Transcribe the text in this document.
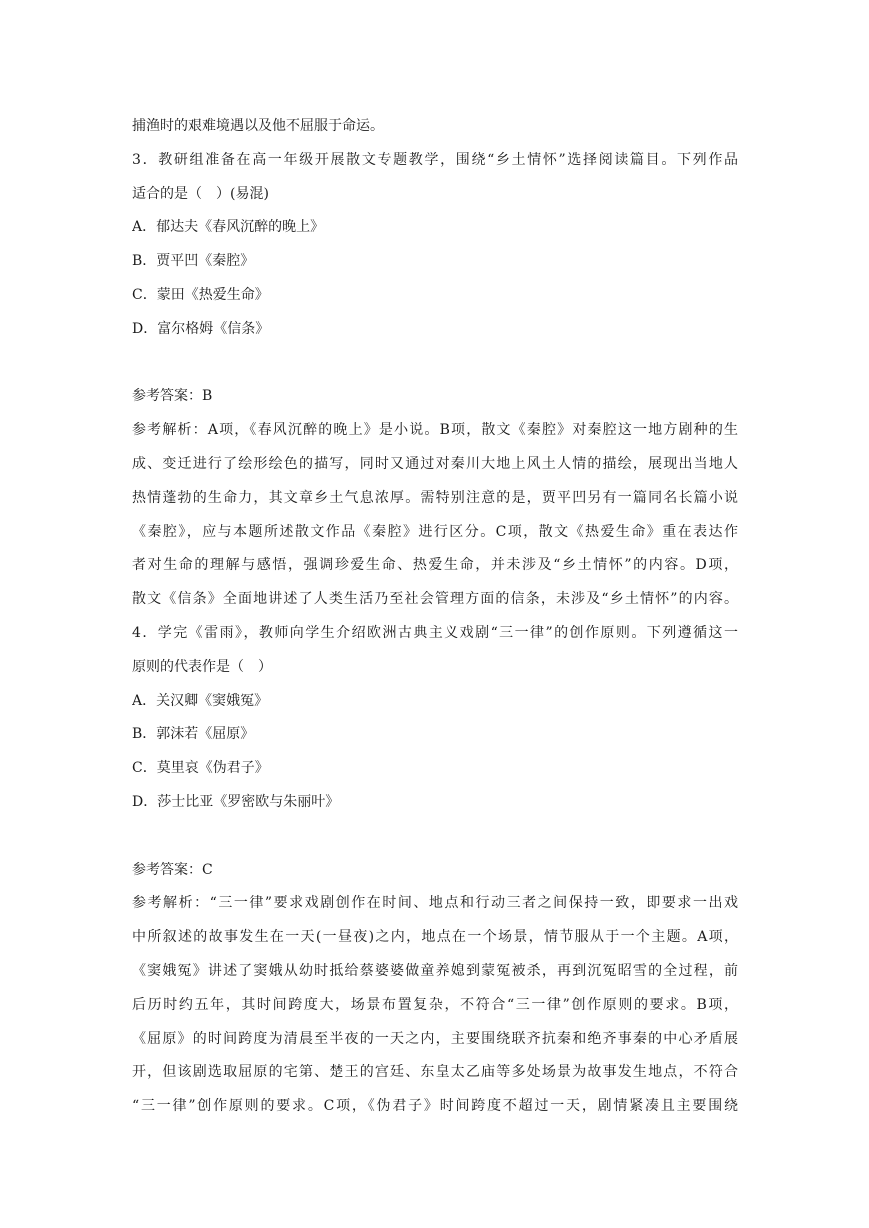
捕渔时的艰难境遇以及他不屈服于命运。
3．教研组准备在高一年级开展散文专题教学，围绕“乡土情怀”选择阅读篇目。下列作品
适合的是（　）(易混)
A．郁达夫《春风沉醉的晚上》
B．贾平凹《秦腔》
C．蒙田《热爱生命》
D．富尔格姆《信条》
参考答案：B
参考解析：A项，《春风沉醉的晚上》是小说。B项，散文《秦腔》对秦腔这一地方剧种的生
成、变迁进行了绘形绘色的描写，同时又通过对秦川大地上风土人情的描绘，展现出当地人
热情蓬勃的生命力，其文章乡土气息浓厚。需特别注意的是，贾平凹另有一篇同名长篇小说
《秦腔》，应与本题所述散文作品《秦腔》进行区分。C项，散文《热爱生命》重在表达作
者对生命的理解与感悟，强调珍爱生命、热爱生命，并未涉及“乡土情怀”的内容。D项，
散文《信条》全面地讲述了人类生活乃至社会管理方面的信条，未涉及“乡土情怀”的内容。
4．学完《雷雨》，教师向学生介绍欧洲古典主义戏剧“三一律”的创作原则。下列遵循这一
原则的代表作是（　）
A．关汉卿《窦娥冤》
B．郭沫若《屈原》
C．莫里哀《伪君子》
D．莎士比亚《罗密欧与朱丽叶》
参考答案：C
参考解析：“三一律”要求戏剧创作在时间、地点和行动三者之间保持一致，即要求一出戏
中所叙述的故事发生在一天(一昼夜)之内，地点在一个场景，情节服从于一个主题。A项，
《窦娥冤》讲述了窦娥从幼时抵给蔡婆婆做童养媳到蒙冤被杀，再到沉冤昭雪的全过程，前
后历时约五年，其时间跨度大，场景布置复杂，不符合“三一律”创作原则的要求。B项，
《屈原》的时间跨度为清晨至半夜的一天之内，主要围绕联齐抗秦和绝齐事秦的中心矛盾展
开，但该剧选取屈原的宅第、楚王的宫廷、东皇太乙庙等多处场景为故事发生地点，不符合
“三一律”创作原则的要求。C项，《伪君子》时间跨度不超过一天，剧情紧凑且主要围绕
